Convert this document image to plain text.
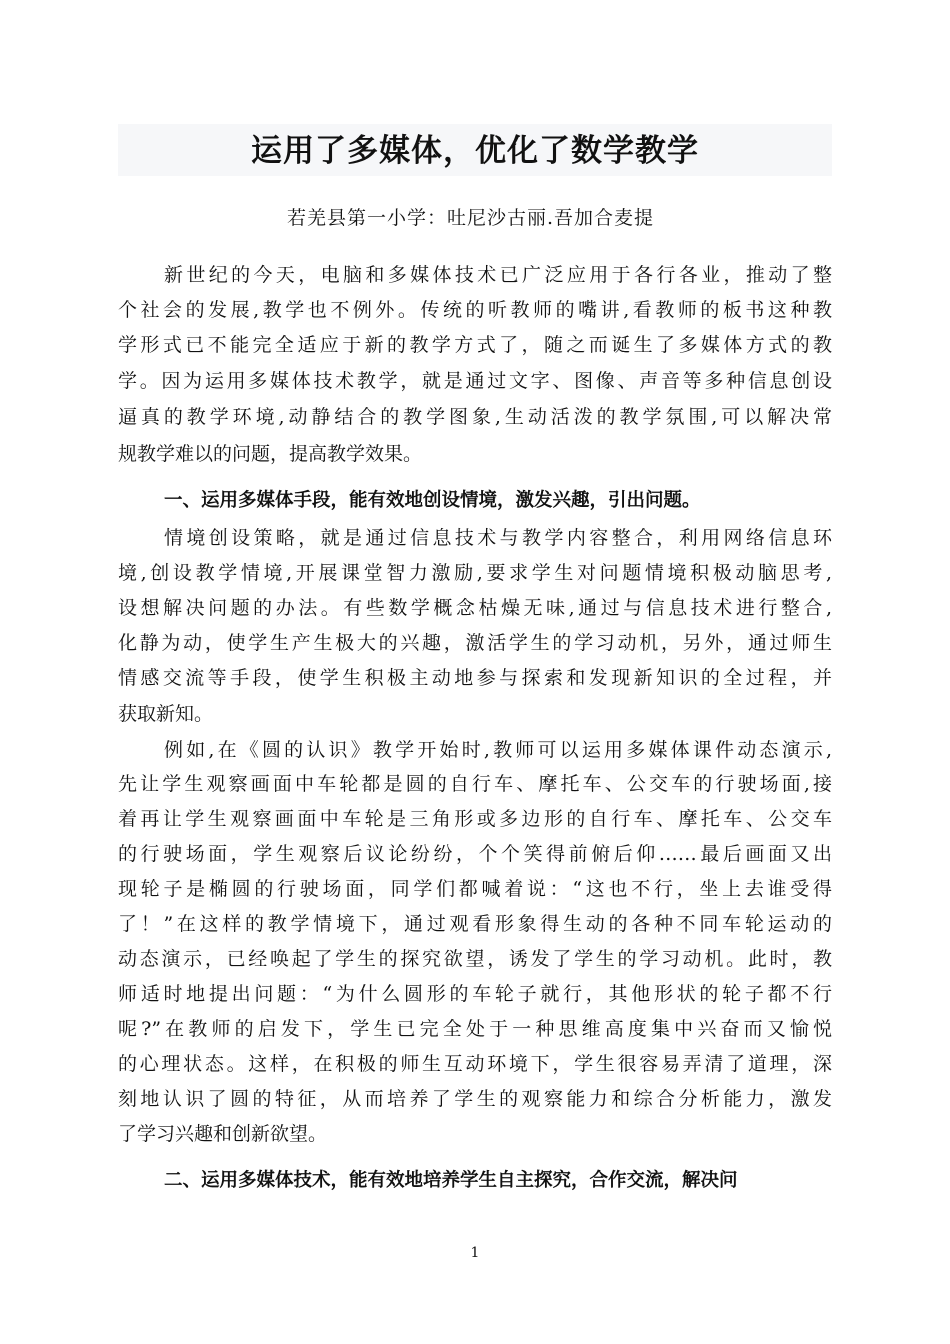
运用了多媒体，优化了数学教学
若羌县第一小学：吐尼沙古丽.吾加合麦提
新世纪的今天，电脑和多媒体技术已广泛应用于各行各业，推动了整
个社会的发展,教学也不例外。传统的听教师的嘴讲,看教师的板书这种教
学形式已不能完全适应于新的教学方式了，随之而诞生了多媒体方式的教
学。因为运用多媒体技术教学，就是通过文字、图像、声音等多种信息创设
逼真的教学环境,动静结合的教学图象,生动活泼的教学氛围,可以解决常
规教学难以的问题，提高教学效果。
一、运用多媒体手段，能有效地创设情境，激发兴趣，引出问题。
情境创设策略，就是通过信息技术与教学内容整合，利用网络信息环
境,创设教学情境,开展课堂智力激励,要求学生对问题情境积极动脑思考,
设想解决问题的办法。有些数学概念枯燥无味,通过与信息技术进行整合,
化静为动，使学生产生极大的兴趣，激活学生的学习动机，另外，通过师生
情感交流等手段，使学生积极主动地参与探索和发现新知识的全过程，并
获取新知。
例如,在《圆的认识》教学开始时,教师可以运用多媒体课件动态演示,
先让学生观察画面中车轮都是圆的自行车、摩托车、公交车的行驶场面,接
着再让学生观察画面中车轮是三角形或多边形的自行车、摩托车、公交车
的行驶场面，学生观察后议论纷纷，个个笑得前俯后仰……最后画面又出
现轮子是椭圆的行驶场面，同学们都喊着说：“这也不行，坐上去谁受得
了！”在这样的教学情境下，通过观看形象得生动的各种不同车轮运动的
动态演示，已经唤起了学生的探究欲望，诱发了学生的学习动机。此时，教
师适时地提出问题：“为什么圆形的车轮子就行，其他形状的轮子都不行
呢?”在教师的启发下，学生已完全处于一种思维高度集中兴奋而又愉悦
的心理状态。这样，在积极的师生互动环境下，学生很容易弄清了道理，深
刻地认识了圆的特征，从而培养了学生的观察能力和综合分析能力，激发
了学习兴趣和创新欲望。
二、运用多媒体技术，能有效地培养学生自主探究，合作交流，解决问
1
